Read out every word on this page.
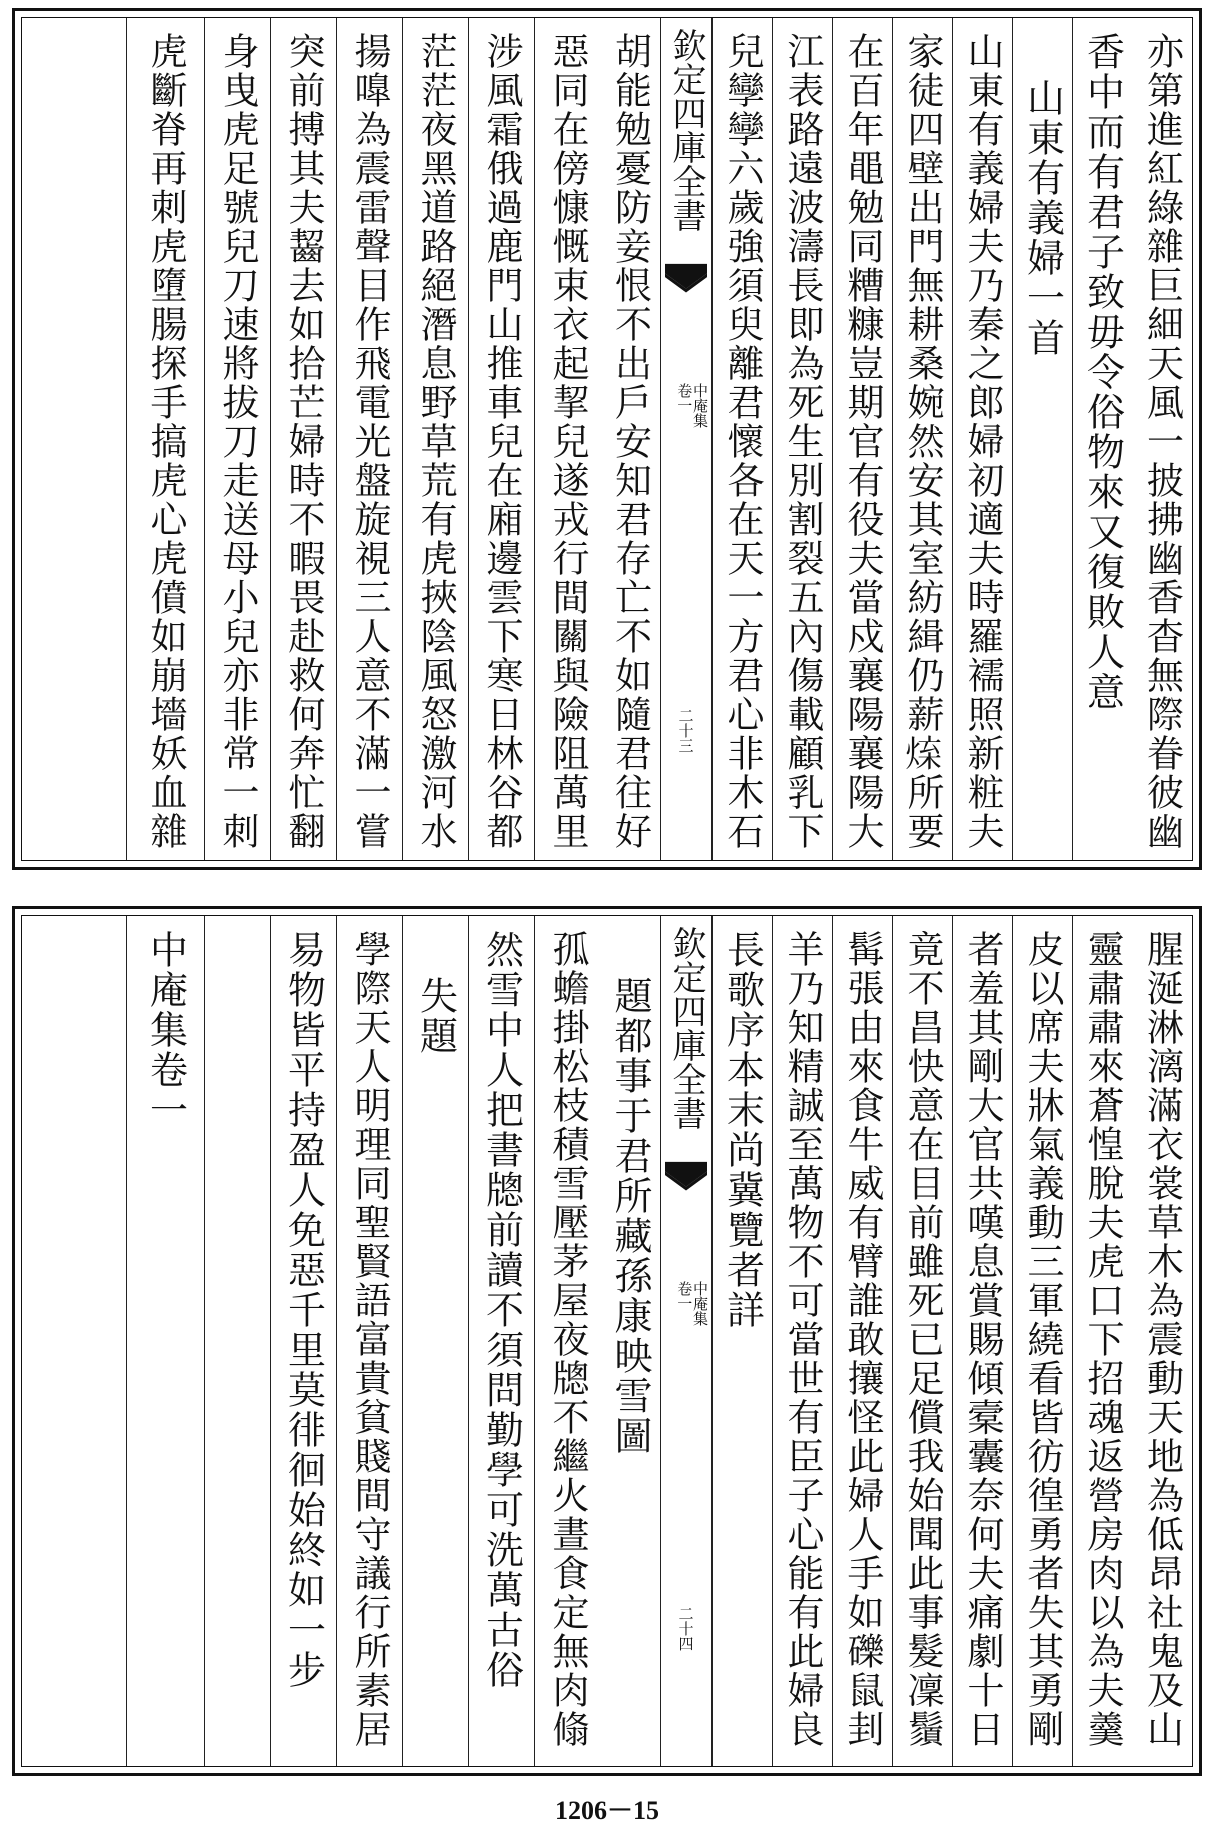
亦第進紅綠雜巨細天風一披拂幽香杳無際眷彼幽
香中而有君子致毋令俗物來又復敗人意
山東有義婦一首
山東有義婦夫乃秦之郎婦初適夫時羅襦照新粧夫
家徒四壁出門無耕桑婉然安其室紡緝仍薪𤉬所要
在百年黽勉同糟糠豈期官有役夫當戍襄陽襄陽大
江表路遠波濤長即為死生別割裂五內傷載顧乳下
兒孿孿六歲強須臾離君懷各在天一方君心非木石
欽定四庫全書
中庵集 卷一
二十三
胡能勉憂防妾恨不出戶安知君存亡不如隨君往好
惡同在傍慷慨束衣起挈兒遂戎行間關與險阻萬里
涉風霜俄過鹿門山推車兒在廂邊雲下寒日林谷都
茫茫夜黑道路絕潛息野草荒有虎挾陰風怒激河水
揚嘷為震雷聲目作飛電光盤旋視三人意不滿一嘗
突前搏其夫齧去如拾芒婦時不暇畏赴救何奔忙翻
身曳虎足號兒刀速將拔刀走送母小兒亦非常一刺
虎斷脊再刺虎墮腸探手搞虎心虎僨如崩墻妖血雜
腥涎淋漓滿衣裳草木為震動天地為低昂社鬼及山
靈肅肅來蒼惶脫夫虎口下招魂返營房肉以為夫羹
皮以席夫牀氣義動三軍繞看皆彷徨勇者失其勇剛
者羞其剛大官共嘆息賞賜傾槖囊奈何夫痛劇十日
竟不昌快意在目前雖死已足償我始聞此事髮凜鬚
髯張由來食牛威有臂誰敢攘怪此婦人手如礫鼠刲
羊乃知精誠至萬物不可當世有臣子心能有此婦良
長歌序本末尚冀覽者詳
欽定四庫全書
中庵集 卷一
二十四
題都事于君所藏孫康映雪圖
孤蟾掛松枝積雪壓茅屋夜牕不繼火晝食定無肉翛
然雪中人把書牕前讀不須問勤學可洗萬古俗
失題
學際天人明理同聖賢語富貴貧賤間守議行所素居
易物皆平持盈人免惡千里莫徘徊始終如一步
中庵集卷一
1206－15
